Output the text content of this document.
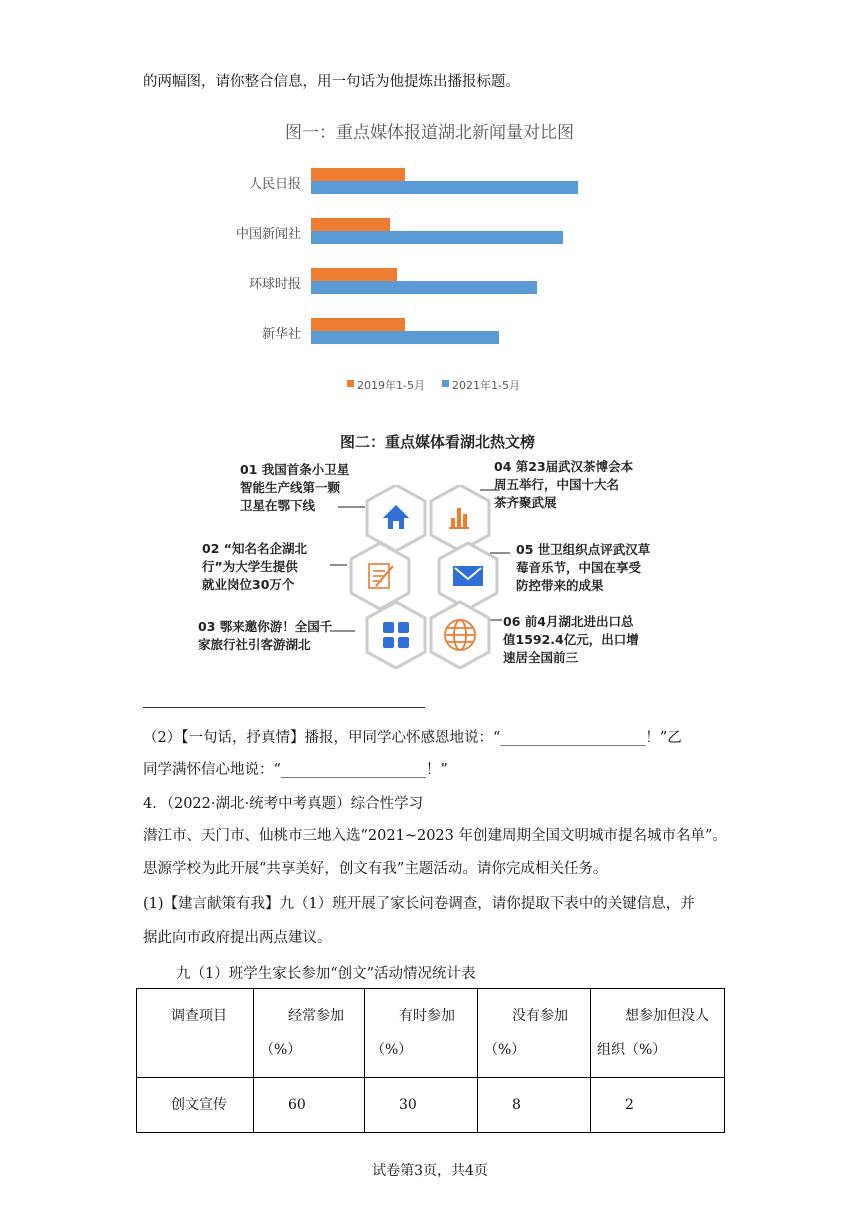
的两幅图，请你整合信息，用一句话为他提炼出播报标题。
图一：重点媒体报道湖北新闻量对比图
人民日报
中国新闻社
环球时报
新华社
2019年1-5月 2021年1-5月
图二：重点媒体看湖北热文榜
01 我国首条小卫星
智能生产线第一颗
卫星在鄂下线
02 “知名名企湖北
行”为大学生提供
就业岗位30万个
03 鄂来邀你游！全国千
家旅行社引客游湖北
04 第23届武汉茶博会本
周五举行，中国十大名
茶齐聚武展
05 世卫组织点评武汉草
莓音乐节，中国在享受
防控带来的成果
06 前4月湖北进出口总
值1592.4亿元，出口增
速居全国前三
（2）【一句话，抒真情】播报，甲同学心怀感恩地说：“____________________！”乙
同学满怀信心地说：“____________________！”
4．（2022·湖北·统考中考真题）综合性学习
潜江市、天门市、仙桃市三地入选“2021~2023 年创建周期全国文明城市提名城市名单”。
思源学校为此开展“共享美好，创文有我”主题活动。请你完成相关任务。
(1)【建言献策有我】九（1）班开展了家长问卷调查，请你提取下表中的关键信息，并
据此向市政府提出两点建议。
九（1）班学生家长参加“创文”活动情况统计表
调查项目	经常参加（%）	有时参加（%）	没有参加（%）	想参加但没人组织（%）
创文宣传	60	30	8	2
试卷第3页，共4页
